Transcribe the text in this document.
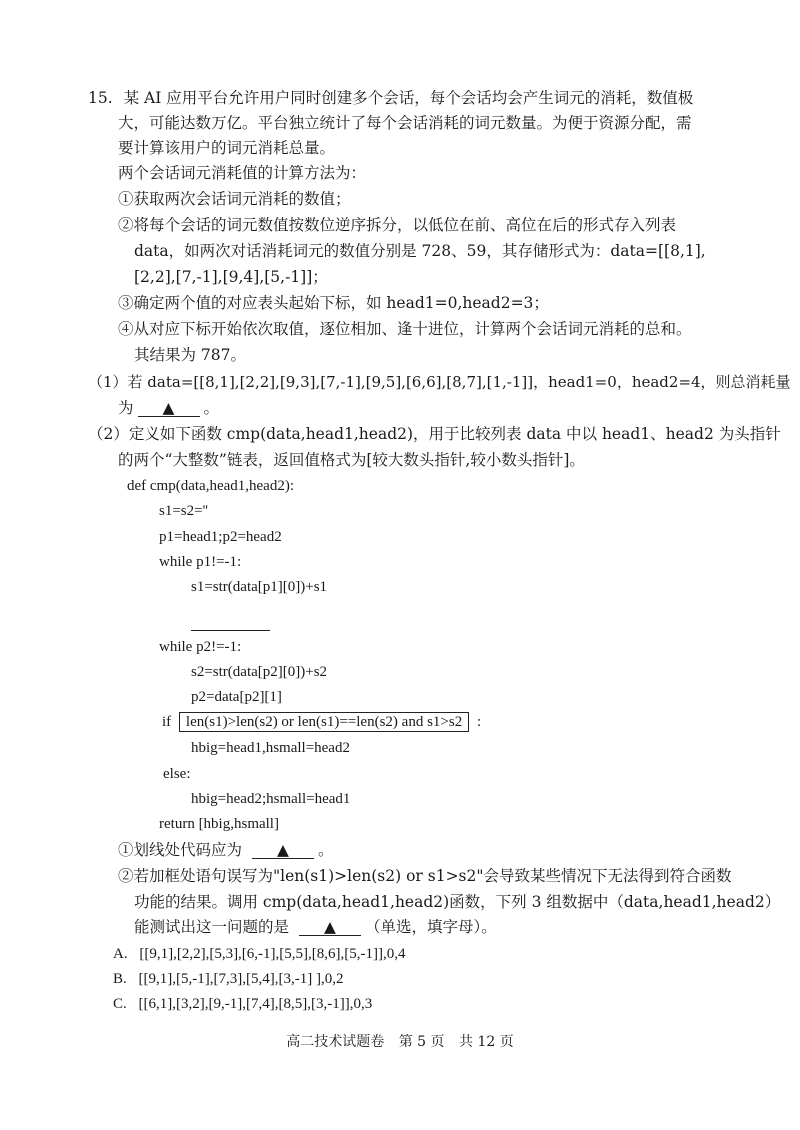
15. 某 AI 应用平台允许用户同时创建多个会话，每个会话均会产生词元的消耗，数值极
大，可能达数万亿。平台独立统计了每个会话消耗的词元数量。为便于资源分配，需
要计算该用户的词元消耗总量。
两个会话词元消耗值的计算方法为：
①获取两次会话词元消耗的数值；
②将每个会话的词元数值按数位逆序拆分，以低位在前、高位在后的形式存入列表
data，如两次对话消耗词元的数值分别是 728、59，其存储形式为：data=[[8,1],
[2,2],[7,-1],[9,4],[5,-1]]；
③确定两个值的对应表头起始下标，如 head1=0,head2=3；
④从对应下标开始依次取值，逐位相加、逢十进位，计算两个会话词元消耗的总和。
其结果为 787。
（1）若 data=[[8,1],[2,2],[9,3],[7,-1],[9,5],[6,6],[8,7],[1,-1]]，head1=0，head2=4，则总消耗量
为 ▲ 。
（2）定义如下函数 cmp(data,head1,head2)，用于比较列表 data 中以 head1、head2 为头指针
的两个“大整数”链表，返回值格式为[较大数头指针,较小数头指针]。
def cmp(data,head1,head2):
s1=s2=''
p1=head1;p2=head2
while p1!=-1:
s1=str(data[p1][0])+s1
while p2!=-1:
s2=str(data[p2][0])+s2
p2=data[p2][1]
if len(s1)>len(s2) or len(s1)==len(s2) and s1>s2 :
hbig=head1,hsmall=head2
else:
hbig=head2;hsmall=head1
return [hbig,hsmall]
①划线处代码应为 ▲ 。
②若加框处语句误写为"len(s1)>len(s2) or s1>s2"会导致某些情况下无法得到符合函数
功能的结果。调用 cmp(data,head1,head2)函数，下列 3 组数据中（data,head1,head2）
能测试出这一问题的是 ▲ （单选，填字母）。
A. [[9,1],[2,2],[5,3],[6,-1],[5,5],[8,6],[5,-1]],0,4
B. [[9,1],[5,-1],[7,3],[5,4],[3,-1] ],0,2
C. [[6,1],[3,2],[9,-1],[7,4],[8,5],[3,-1]],0,3
高二技术试题卷 第 5 页 共 12 页
